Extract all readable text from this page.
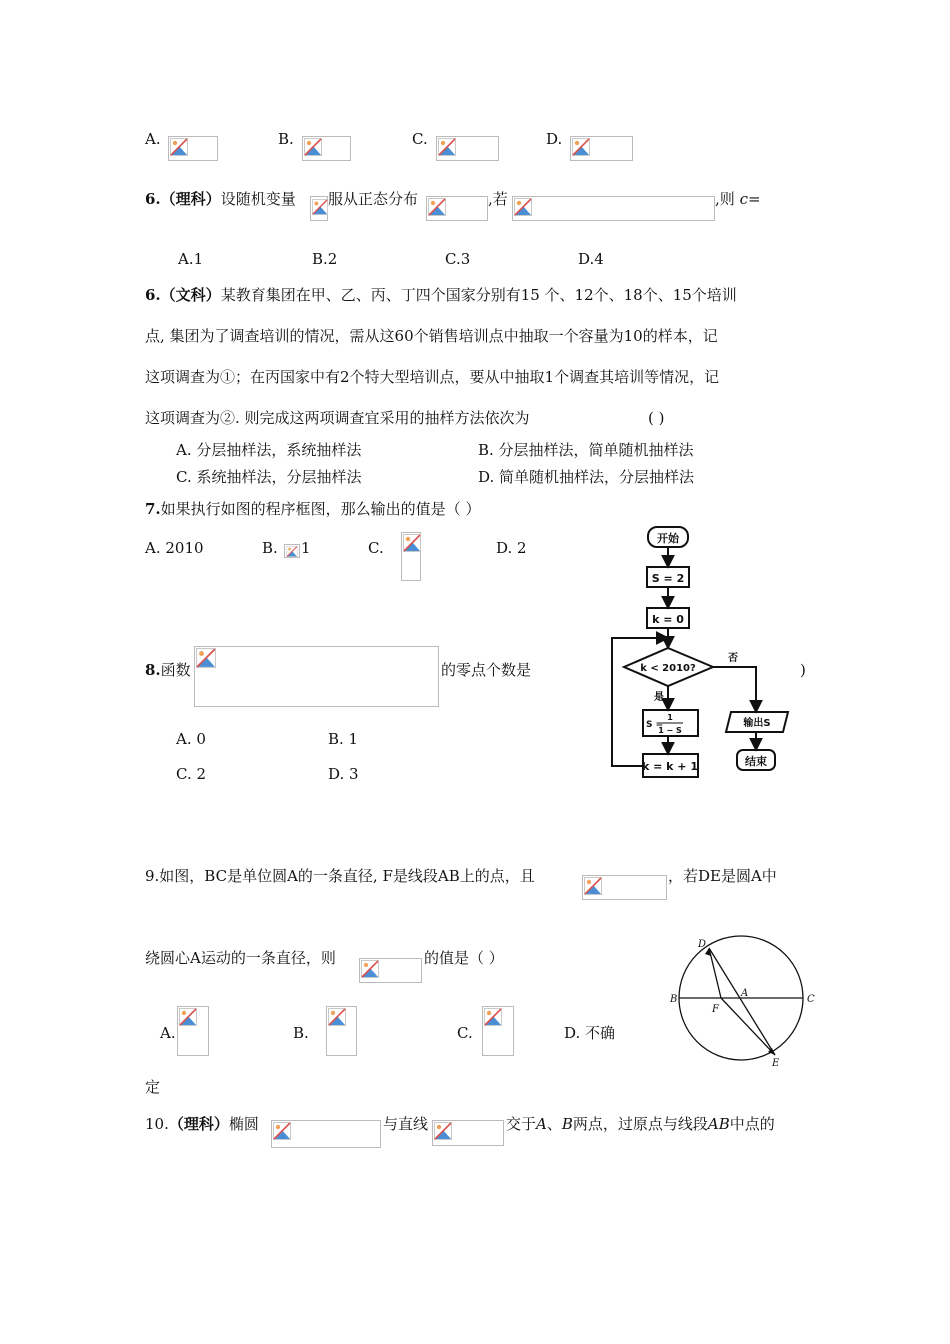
A.	B.	C.	D.
6.（理科）设随机变量 服从正态分布	,若	,则 c=
A.1	B.2	C.3	D.4
6.（文科）某教育集团在甲、乙、丙、丁四个国家分别有15 个、12个、18个、15个培训
点, 集团为了调查培训的情况，需从这60个销售培训点中抽取一个容量为10的样本，记
这项调查为①；在丙国家中有2个特大型培训点，要从中抽取1个调查其培训等情况，记
这项调查为②. 则完成这两项调查宜采用的抽样方法依次为	( )
A. 分层抽样法，系统抽样法	B. 分层抽样法，简单随机抽样法
C. 系统抽样法，分层抽样法	D. 简单随机抽样法，分层抽样法
7.如果执行如图的程序框图，那么输出的值是（ ）
A. 2010	B. 1	C.	D. 2
开始
S = 2
k = 0
k < 2010?
否
是
S =
1
1 − S
k = k + 1
输出S
结束
8.函数	的零点个数是	)
A. 0	B. 1
C. 2	D. 3
9.如图，BC是单位圆A的一条直径, F是线段AB上的点，且	，若DE是圆A中
绕圆心A运动的一条直径，则	的值是（ ）
A.	B.	C.	D. 不确
定
D
B
A
C
F
E
10.（理科）椭圆	与直线	交于A、B两点，过原点与线段AB中点的
